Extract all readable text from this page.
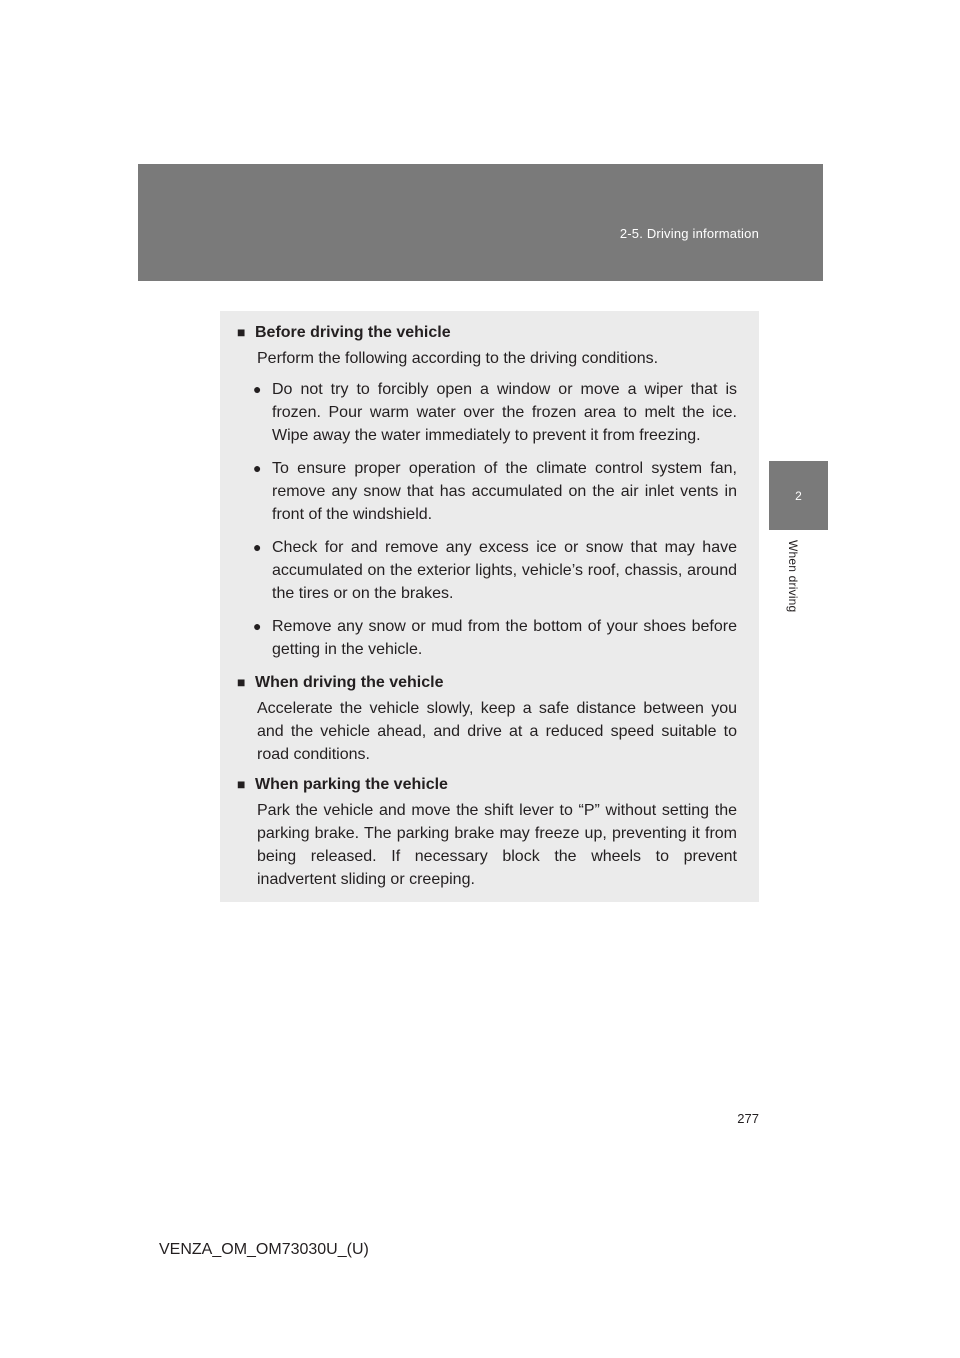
2-5. Driving information
2
When driving
■ Before driving the vehicle
Perform the following according to the driving conditions.
● Do not try to forcibly open a window or move a wiper that is frozen. Pour warm water over the frozen area to melt the ice. Wipe away the water immediately to prevent it from freezing.
● To ensure proper operation of the climate control system fan, remove any snow that has accumulated on the air inlet vents in front of the windshield.
● Check for and remove any excess ice or snow that may have accumulated on the exterior lights, vehicle’s roof, chassis, around the tires or on the brakes.
● Remove any snow or mud from the bottom of your shoes before getting in the vehicle.
■ When driving the vehicle
Accelerate the vehicle slowly, keep a safe distance between you and the vehicle ahead, and drive at a reduced speed suitable to road conditions.
■ When parking the vehicle
Park the vehicle and move the shift lever to “P” without setting the parking brake. The parking brake may freeze up, preventing it from being released. If necessary block the wheels to prevent inadvertent sliding or creeping.
277
VENZA_OM_OM73030U_(U)
